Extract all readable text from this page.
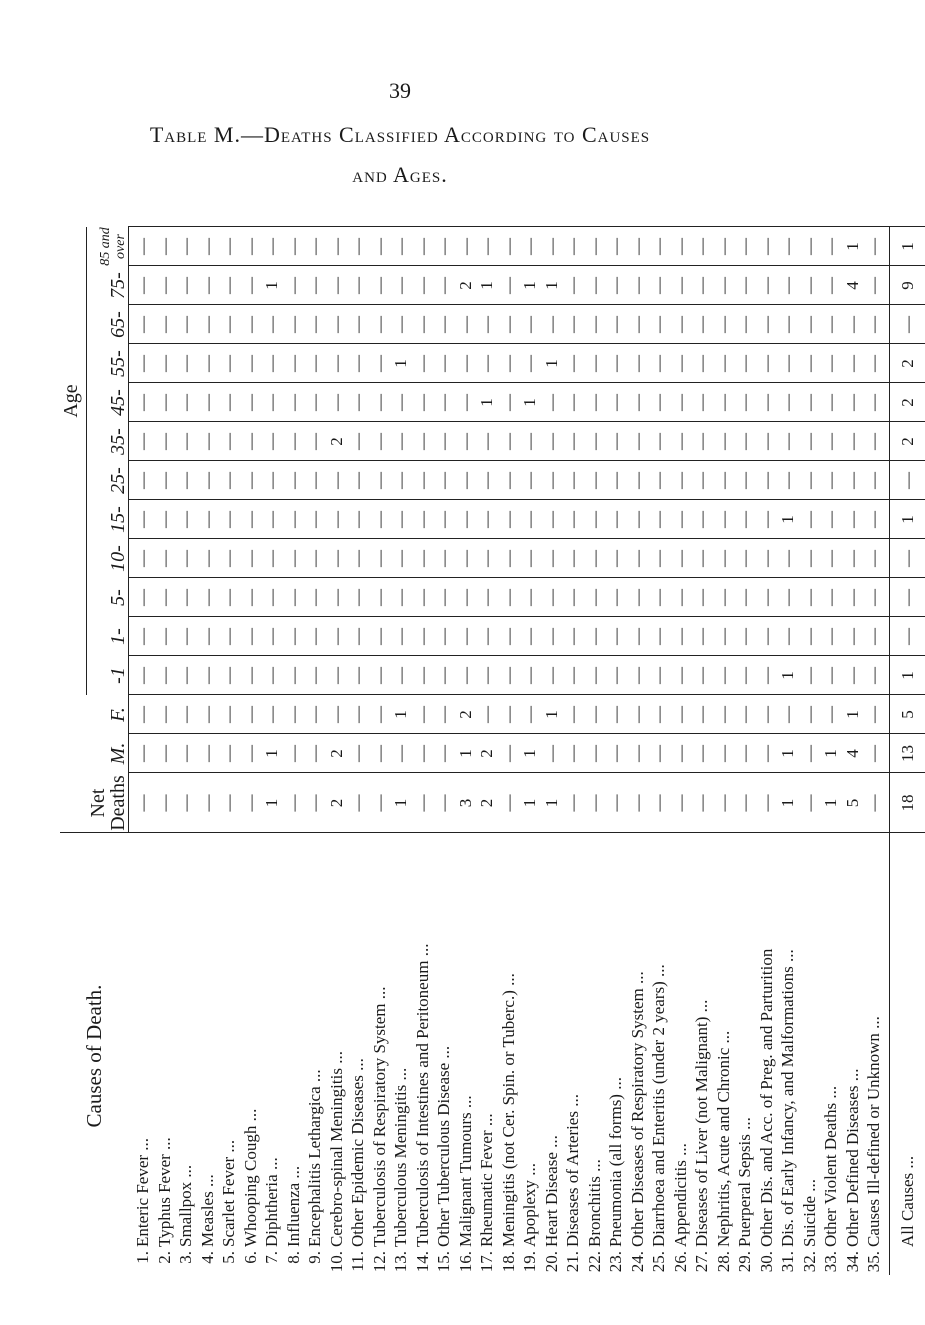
39
Table M.—Deaths Classified According to Causes
and Ages.
Age
Causes of Death.
Net Deaths
M.
F.
-1
1-
5-
10-
15-
25-
35-
45-
55-
65-
75-
85 and over
1.
Enteric Fever ...
—
—
—
—
—
—
—
—
—
—
—
—
—
—
—
2.
Typhus Fever ...
—
—
—
—
—
—
—
—
—
—
—
—
—
—
—
3.
Smallpox ...
—
—
—
—
—
—
—
—
—
—
—
—
—
—
—
4.
Measles ...
—
—
—
—
—
—
—
—
—
—
—
—
—
—
—
5.
Scarlet Fever ...
—
—
—
—
—
—
—
—
—
—
—
—
—
—
—
6.
Whooping Cough ...
—
—
—
—
—
—
—
—
—
—
—
—
—
—
—
7.
Diphtheria ...
1
1
—
—
—
—
—
—
—
—
—
—
—
1
—
8.
Influenza ...
—
—
—
—
—
—
—
—
—
—
—
—
—
—
—
9.
Encephalitis Lethargica ...
—
—
—
—
—
—
—
—
—
—
—
—
—
—
—
10.
Cerebro-spinal Meningitis ...
2
2
—
—
—
—
—
—
—
2
—
—
—
—
—
11.
Other Epidemic Diseases ...
—
—
—
—
—
—
—
—
—
—
—
—
—
—
—
12.
Tuberculosis of Respiratory System ...
—
—
—
—
—
—
—
—
—
—
—
—
—
—
—
13.
Tuberculous Meningitis ...
1
—
1
—
—
—
—
—
—
—
—
1
—
—
—
14.
Tuberculosis of Intestines and Peritoneum ...
—
—
—
—
—
—
—
—
—
—
—
—
—
—
—
15.
Other Tuberculous Disease ...
—
—
—
—
—
—
—
—
—
—
—
—
—
—
—
16.
Malignant Tumours ...
3
1
2
—
—
—
—
—
—
—
—
—
—
2
—
17.
Rheumatic Fever ...
2
2
—
—
—
—
—
—
—
—
1
—
—
1
—
18.
Meningitis (not Cer. Spin. or Tuberc.) ...
—
—
—
—
—
—
—
—
—
—
—
—
—
—
—
19.
Apoplexy ...
1
1
—
—
—
—
—
—
—
—
1
—
—
1
—
20.
Heart Disease ...
1
—
1
—
—
—
—
—
—
—
—
1
—
1
—
21.
Diseases of Arteries ...
—
—
—
—
—
—
—
—
—
—
—
—
—
—
—
22.
Bronchitis ...
—
—
—
—
—
—
—
—
—
—
—
—
—
—
—
23.
Pneumonia (all forms) ...
—
—
—
—
—
—
—
—
—
—
—
—
—
—
—
24.
Other Diseases of Respiratory System ...
—
—
—
—
—
—
—
—
—
—
—
—
—
—
—
25.
Diarrhoea and Enteritis (under 2 years) ...
—
—
—
—
—
—
—
—
—
—
—
—
—
—
—
26.
Appendicitis ...
—
—
—
—
—
—
—
—
—
—
—
—
—
—
—
27.
Diseases of Liver (not Malignant) ...
—
—
—
—
—
—
—
—
—
—
—
—
—
—
—
28.
Nephritis, Acute and Chronic ...
—
—
—
—
—
—
—
—
—
—
—
—
—
—
—
29.
Puerperal Sepsis ...
—
—
—
—
—
—
—
—
—
—
—
—
—
—
—
30.
Other Dis. and Acc. of Preg. and Parturition
—
—
—
—
—
—
—
—
—
—
—
—
—
—
—
31.
Dis. of Early Infancy, and Malformations ...
1
1
—
1
—
—
—
1
—
—
—
—
—
—
—
32.
Suicide ...
—
—
—
—
—
—
—
—
—
—
—
—
—
—
—
33.
Other Violent Deaths ...
1
1
—
—
—
—
—
—
—
—
—
—
—
—
—
34.
Other Defined Diseases ...
5
4
1
—
—
—
—
—
—
—
—
—
—
4
1
35.
Causes Ill-defined or Unknown ...
—
—
—
—
—
—
—
—
—
—
—
—
—
—
—
All Causes ...
18
13
5
1
—
—
—
1
—
2
2
2
—
9
1
